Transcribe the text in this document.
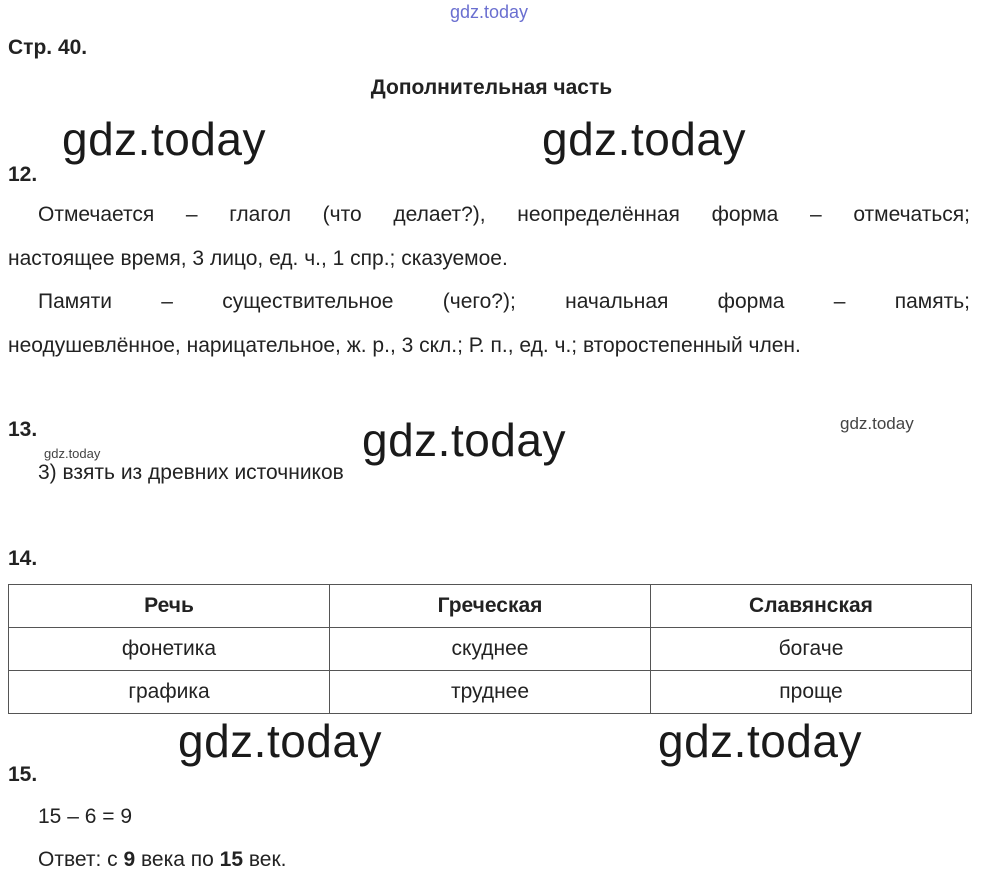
gdz.today
gdz.today	gdz.today
gdz.today	gdz.today
gdz.today
gdz.today	gdz.today
Стр. 40.
Дополнительная часть
12.
Отмечается – глагол (что делает?), неопределённая форма – отмечаться;
настоящее время, 3 лицо, ед. ч., 1 спр.; сказуемое.
Памяти – существительное (чего?); начальная форма – память;
неодушевлённое, нарицательное, ж. р., 3 скл.; Р. п., ед. ч.; второстепенный член.
13.
3) взять из древних источников
14.
Речь	Греческая	Славянская
фонетика	скуднее	богаче
графика	труднее	проще
15.
15 – 6 = 9
Ответ: с 9 века по 15 век.
